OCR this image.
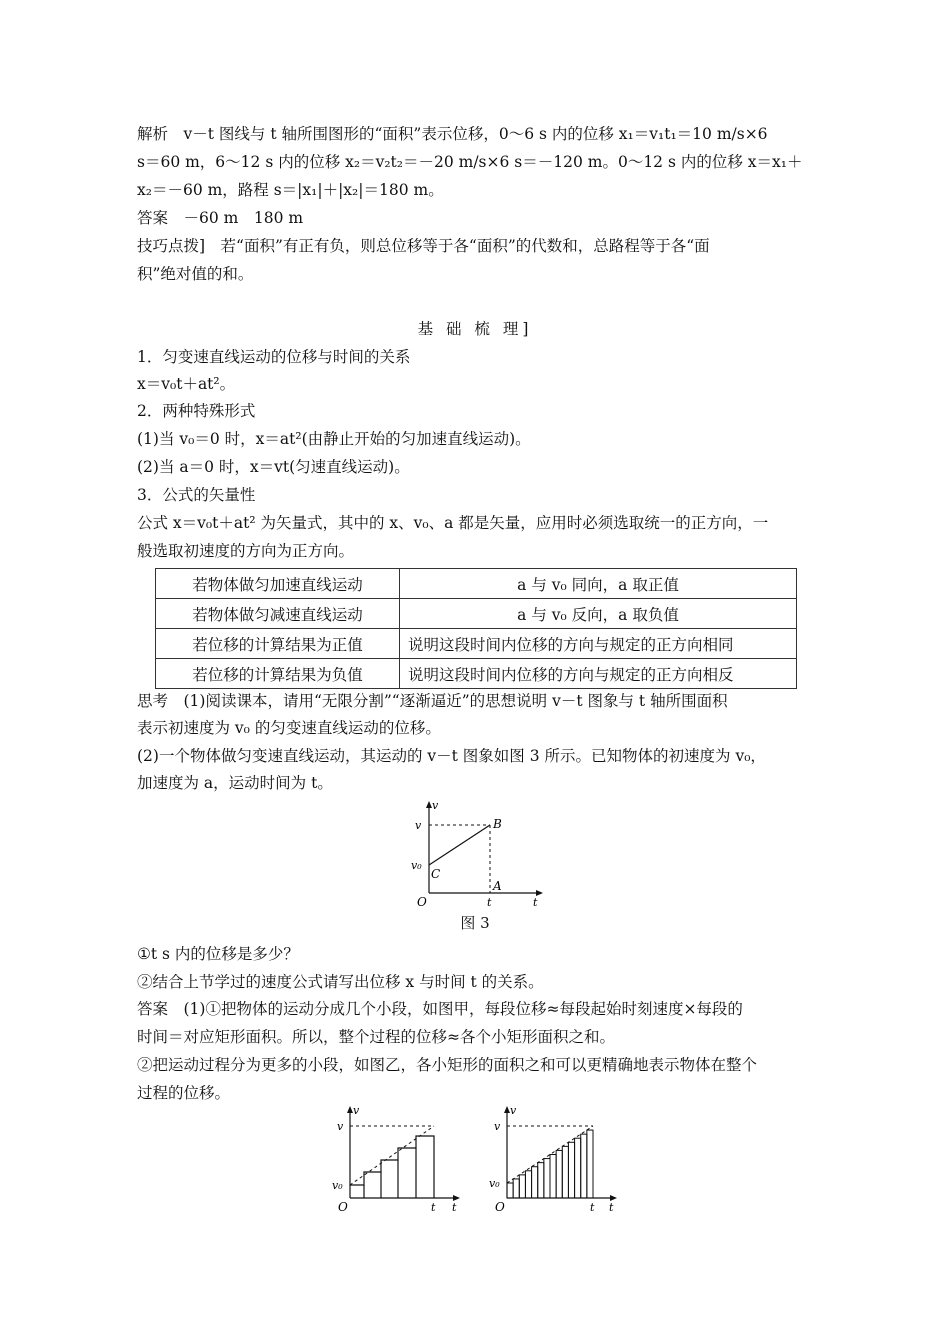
解析　v－t 图线与 t 轴所围图形的“面积”表示位移，0～6 s 内的位移 x₁＝v₁t₁＝10 m/s×6
s＝60 m，6～12 s 内的位移 x₂＝v₂t₂＝－20 m/s×6 s＝－120 m。0～12 s 内的位移 x＝x₁＋
x₂＝－60 m，路程 s＝|x₁|＋|x₂|＝180 m。
答案　－60 m　180 m
技巧点拨]　若“面积”有正有负，则总位移等于各“面积”的代数和，总路程等于各“面
积”绝对值的和。
基 础 梳 理]
1．匀变速直线运动的位移与时间的关系
x＝v₀t＋at²。
2．两种特殊形式
(1)当 v₀＝0 时，x＝at²(由静止开始的匀加速直线运动)。
(2)当 a＝0 时，x＝vt(匀速直线运动)。
3．公式的矢量性
公式 x＝v₀t＋at² 为矢量式，其中的 x、v₀、a 都是矢量，应用时必须选取统一的正方向，一
般选取初速度的方向为正方向。
若物体做匀加速直线运动	a 与 v₀ 同向，a 取正值
若物体做匀减速直线运动	a 与 v₀ 反向，a 取负值
若位移的计算结果为正值	说明这段时间内位移的方向与规定的正方向相同
若位移的计算结果为负值	说明这段时间内位移的方向与规定的正方向相反
思考　(1)阅读课本，请用“无限分割”“逐渐逼近”的思想说明 v－t 图象与 t 轴所围面积
表示初速度为 v₀ 的匀变速直线运动的位移。
(2)一个物体做匀变速直线运动，其运动的 v－t 图象如图 3 所示。已知物体的初速度为 v₀，
加速度为 a，运动时间为 t。
v
v
v₀
C
B
A
O	t	t
图 3
①t s 内的位移是多少？
②结合上节学过的速度公式请写出位移 x 与时间 t 的关系。
答案　(1)①把物体的运动分成几个小段，如图甲，每段位移≈每段起始时刻速度×每段的
时间＝对应矩形面积。所以，整个过程的位移≈各个小矩形面积之和。
②把运动过程分为更多的小段，如图乙，各小矩形的面积之和可以更精确地表示物体在整个
过程的位移。
v
v
v₀
O	t t
v
v
v₀
O	t t
